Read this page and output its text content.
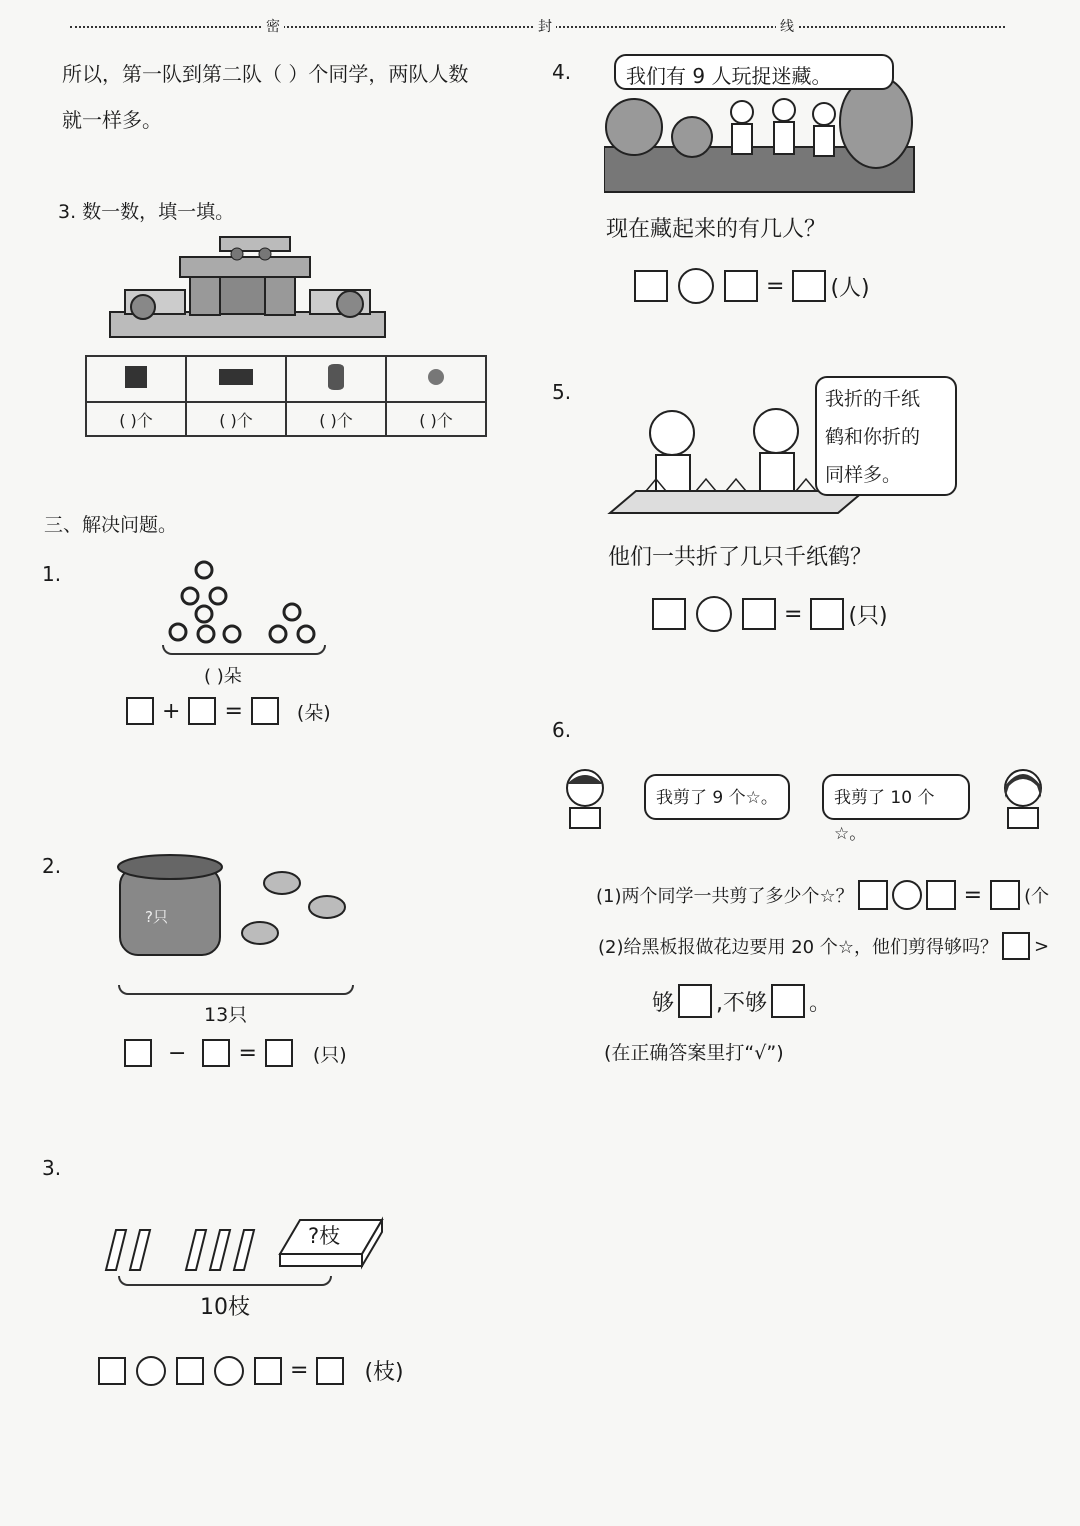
密	封	线
所以，第一队到第二队（ ）个同学，两队人数
就一样多。
3. 数一数，填一填。

( )个	( )个	( )个	( )个
三、解决问题。
1.
( )朵
+ =	(朵)
2.
?只
13只
− =	(只)
3.
?枝
10枝
=	(枝)
4.	我们有 9 人玩捉迷藏。
现在藏起来的有几人？
= (人)
5.	我折的千纸
鹤和你折的
同样多。
他们一共折了几只千纸鹤？
= (只)
6.
我剪了 9 个☆。	我剪了 10 个☆。
(1)两个同学一共剪了多少个☆？	= (个
(2)给黑板报做花边要用 20 个☆，他们剪得够吗？ >
够 ,不够 。
(在正确答案里打“√”)
